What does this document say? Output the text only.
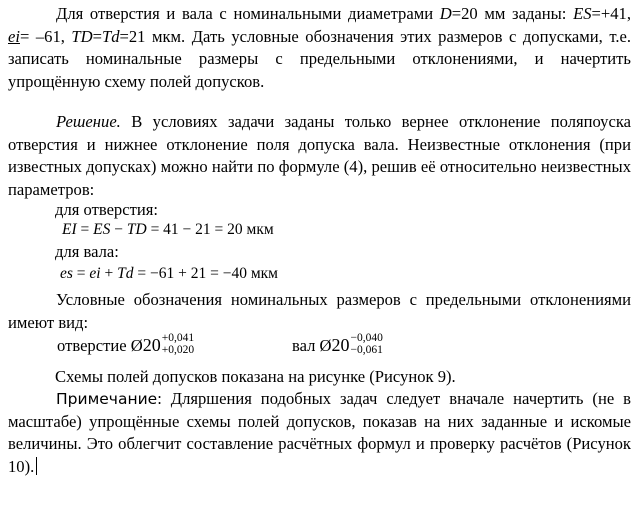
Для отверстия и вала с номинальными диаметрами D=20 мм заданы: ES=+41, ei= –61, TD=Td=21 мкм. Дать условные обозначения этих размеров с допусками, т.е. записать номинальные размеры с предельными отклонениями, и начертить упрощённую схему полей допусков.

Решение. В условиях задачи заданы только вернее отклонение поляпоуска отверстия и нижнее отклонение поля допуска вала. Неизвестные отклонения (при известных допусках) можно найти по формуле (4), решив её относительно неизвестных параметров:

для отверстия:

EI = ES − TD = 41 − 21 = 20 мкм

для вала:

es = ei + Td = −61 + 21 = −40 мкм

Условные обозначения номинальных размеров с предельными отклонениями имеют вид:

отверстие Ø20 +0,041
+0,020	вал Ø20 −0,040
−0,061

Схемы полей допусков показана на рисунке (Рисунок 9).

Примечание: Дляршения подобных задач следует вначале начертить (не в масштабе) упрощённые схемы полей допусков, показав на них заданные и искомые величины. Это облегчит составление расчётных формул и проверку расчётов (Рисунок 10).
